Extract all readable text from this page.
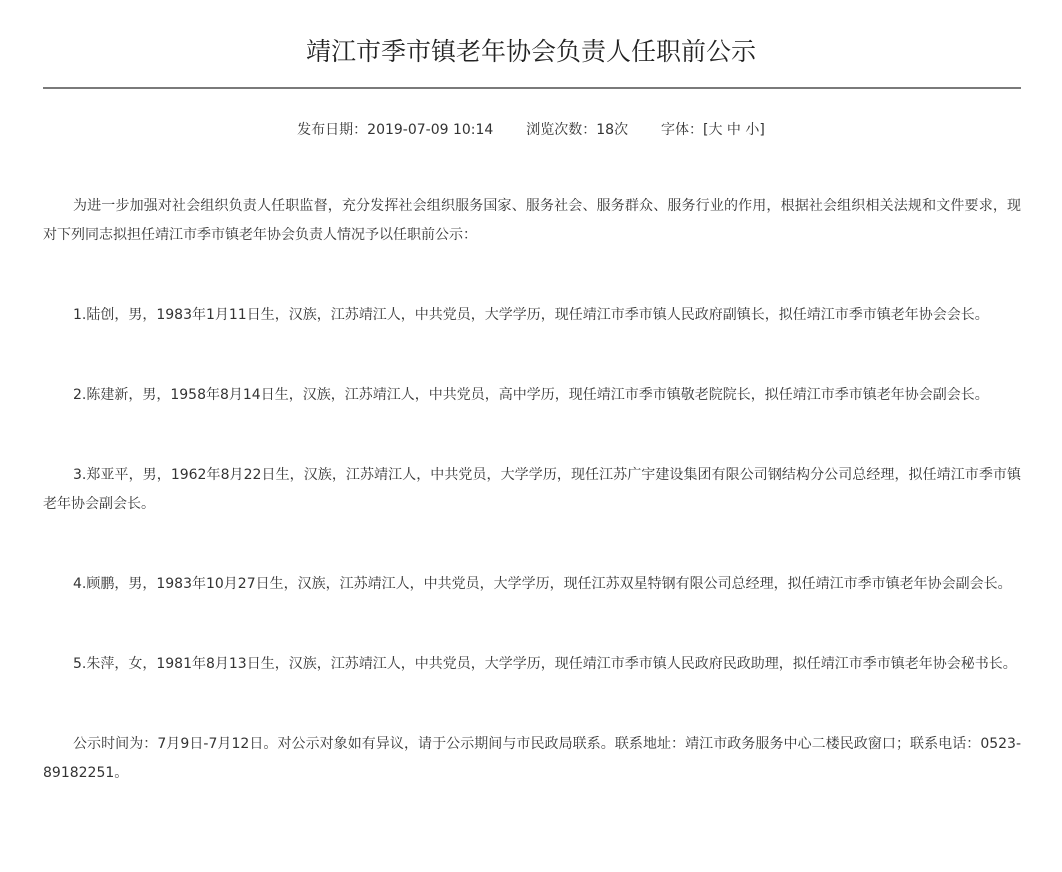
靖江市季市镇老年协会负责人任职前公示
发布日期：2019-07-09 10:14 浏览次数：18次 字体：[大 中 小]

为进一步加强对社会组织负责人任职监督，充分发挥社会组织服务国家、服务社会、服务群众、服务行业的作用，根据社会组织相关法规和文件要求，现对下列同志拟担任靖江市季市镇老年协会负责人情况予以任职前公示：

1.陆创，男，1983年1月11日生，汉族，江苏靖江人，中共党员，大学学历，现任靖江市季市镇人民政府副镇长，拟任靖江市季市镇老年协会会长。

2.陈建新，男，1958年8月14日生，汉族，江苏靖江人，中共党员，高中学历，现任靖江市季市镇敬老院院长，拟任靖江市季市镇老年协会副会长。

3.郑亚平，男，1962年8月22日生，汉族，江苏靖江人，中共党员，大学学历，现任江苏广宇建设集团有限公司钢结构分公司总经理，拟任靖江市季市镇老年协会副会长。

4.顾鹏，男，1983年10月27日生，汉族，江苏靖江人，中共党员，大学学历，现任江苏双星特钢有限公司总经理，拟任靖江市季市镇老年协会副会长。

5.朱萍，女，1981年8月13日生，汉族，江苏靖江人，中共党员，大学学历，现任靖江市季市镇人民政府民政助理，拟任靖江市季市镇老年协会秘书长。

公示时间为：7月9日-7月12日。对公示对象如有异议，请于公示期间与市民政局联系。联系地址：靖江市政务服务中心二楼民政窗口；联系电话：0523-89182251。
